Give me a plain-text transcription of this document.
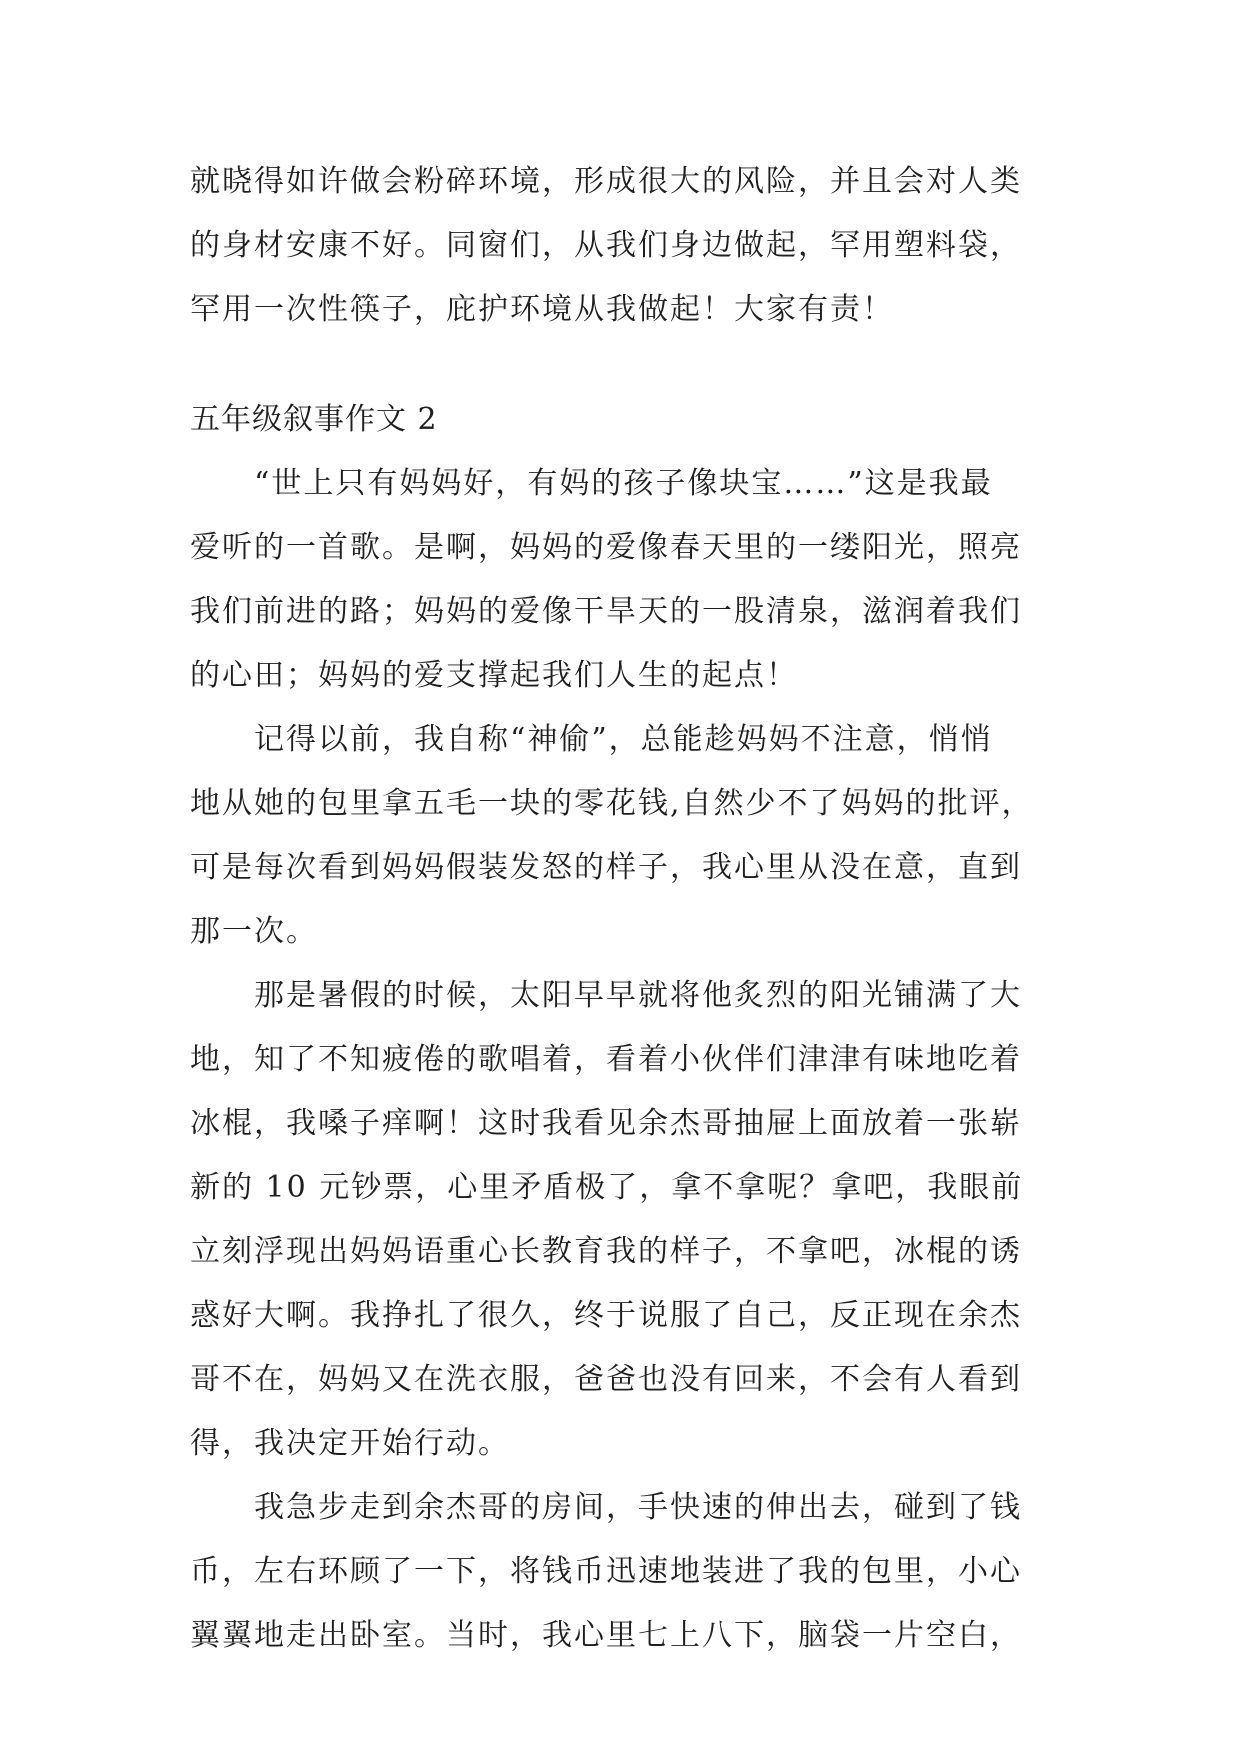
就晓得如许做会粉碎环境，形成很大的风险，并且会对人类
的身材安康不好。同窗们，从我们身边做起，罕用塑料袋，
罕用一次性筷子，庇护环境从我做起！大家有责！
五年级叙事作文 2
“世上只有妈妈好，有妈的孩子像块宝……”这是我最
爱听的一首歌。是啊，妈妈的爱像春天里的一缕阳光，照亮
我们前进的路；妈妈的爱像干旱天的一股清泉，滋润着我们
的心田；妈妈的爱支撑起我们人生的起点！
记得以前，我自称“神偷”，总能趁妈妈不注意，悄悄
地从她的包里拿五毛一块的零花钱,自然少不了妈妈的批评，
可是每次看到妈妈假装发怒的样子，我心里从没在意，直到
那一次。
那是暑假的时候，太阳早早就将他炙烈的阳光铺满了大
地，知了不知疲倦的歌唱着，看着小伙伴们津津有味地吃着
冰棍，我嗓子痒啊！这时我看见余杰哥抽屉上面放着一张崭
新的 10 元钞票，心里矛盾极了，拿不拿呢？拿吧，我眼前
立刻浮现出妈妈语重心长教育我的样子，不拿吧，冰棍的诱
惑好大啊。我挣扎了很久，终于说服了自己，反正现在余杰
哥不在，妈妈又在洗衣服，爸爸也没有回来，不会有人看到
得，我决定开始行动。
我急步走到余杰哥的房间，手快速的伸出去，碰到了钱
币，左右环顾了一下，将钱币迅速地装进了我的包里，小心
翼翼地走出卧室。当时，我心里七上八下，脑袋一片空白，
